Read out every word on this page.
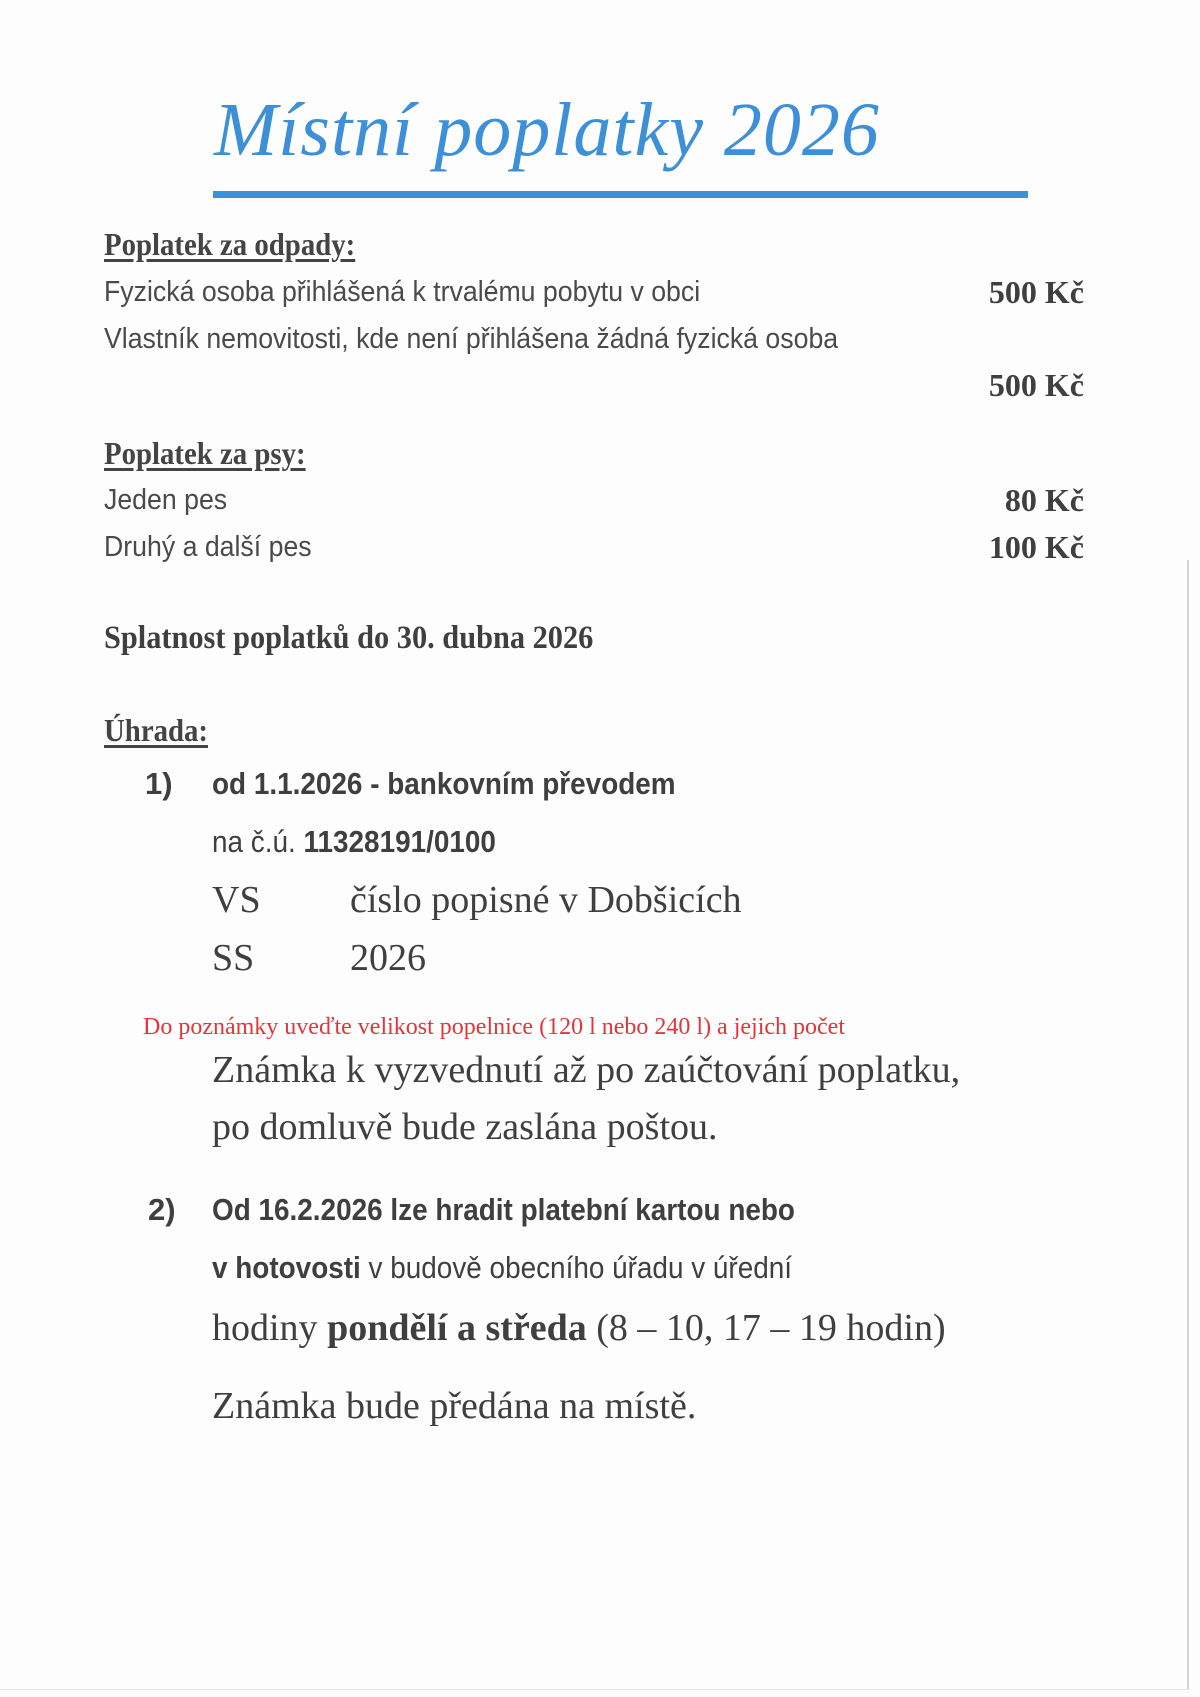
Místní poplatky 2026
Poplatek za odpady:
Fyzická osoba přihlášená k trvalému pobytu v obci	500 Kč
Vlastník nemovitosti, kde není přihlášena žádná fyzická osoba
500 Kč
Poplatek za psy:
Jeden pes	80 Kč
Druhý a další pes	100 Kč
Splatnost poplatků do 30. dubna 2026
Úhrada:
1) od 1.1.2026 - bankovním převodem
na č.ú. 11328191/0100
VS číslo popisné v Dobšicích
SS	2026
Do poznámky uveďte velikost popelnice (120 l nebo 240 l) a jejich počet
Známka k vyzvednutí až po zaúčtování poplatku,
po domluvě bude zaslána poštou.
2) Od 16.2.2026 lze hradit platební kartou nebo
v hotovosti v budově obecního úřadu v úřední
hodiny pondělí a středa (8 – 10, 17 – 19 hodin)
Známka bude předána na místě.
